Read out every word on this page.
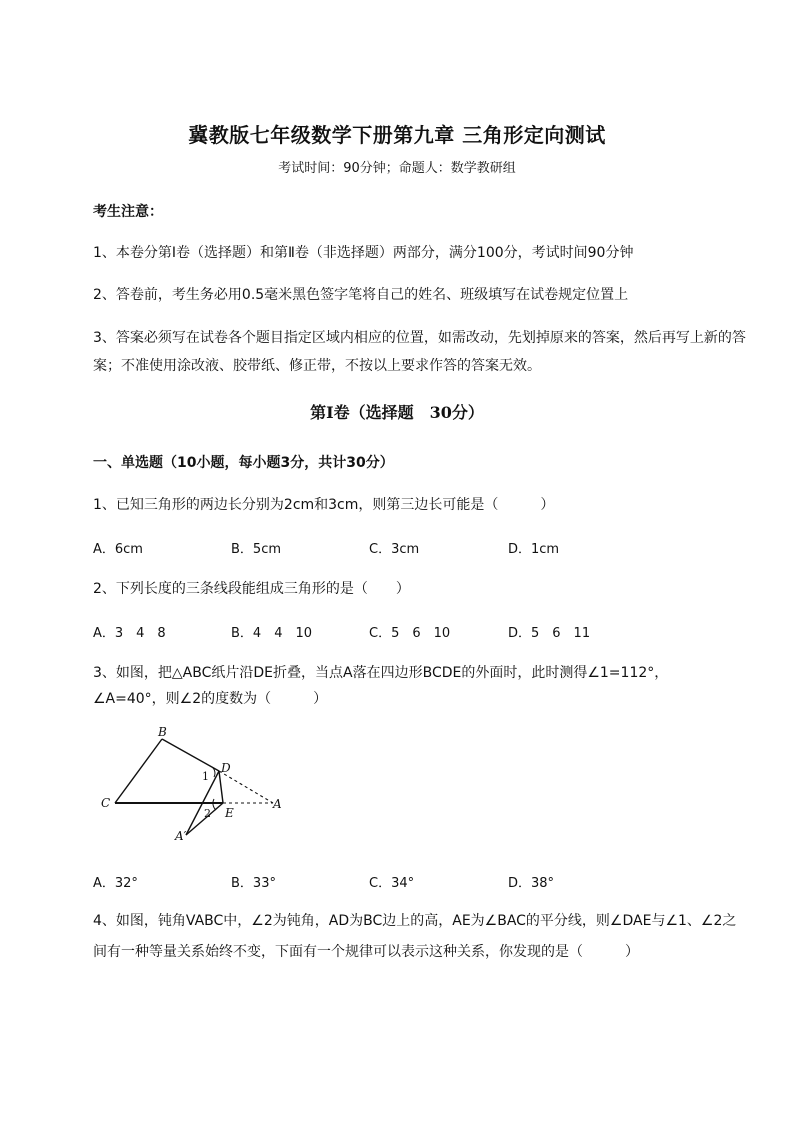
冀教版七年级数学下册第九章 三角形定向测试
考试时间：90分钟；命题人：数学教研组
考生注意：
1、本卷分第I卷（选择题）和第Ⅱ卷（非选择题）两部分，满分100分，考试时间90分钟
2、答卷前，考生务必用0.5毫米黑色签字笔将自己的姓名、班级填写在试卷规定位置上
3、答案必须写在试卷各个题目指定区域内相应的位置，如需改动，先划掉原来的答案，然后再写上新的答案；不准使用涂改液、胶带纸、修正带，不按以上要求作答的答案无效。
第I卷（选择题　30分）
一、单选题（10小题，每小题3分，共计30分）
1、已知三角形的两边长分别为2cm和3cm，则第三边长可能是（　　　）
A．6cm	B．5cm	C．3cm	D．1cm
2、下列长度的三条线段能组成三角形的是（　　）
A．3　4　8	B．4　4　10	C．5　6　10	D．5　6　11
3、如图，把△ABC纸片沿DE折叠，当点A落在四边形BCDE的外面时，此时测得∠1=112°，
∠A=40°，则∠2的度数为（　　　）
B
C	A
D
E
A′
1
2
A．32°	B．33°	C．34°	D．38°
4、如图，钝角VABC中，∠2为钝角，AD为BC边上的高，AE为∠BAC的平分线，则∠DAE与∠1、∠2之间有一种等量关系始终不变，下面有一个规律可以表示这种关系，你发现的是（　　　）
